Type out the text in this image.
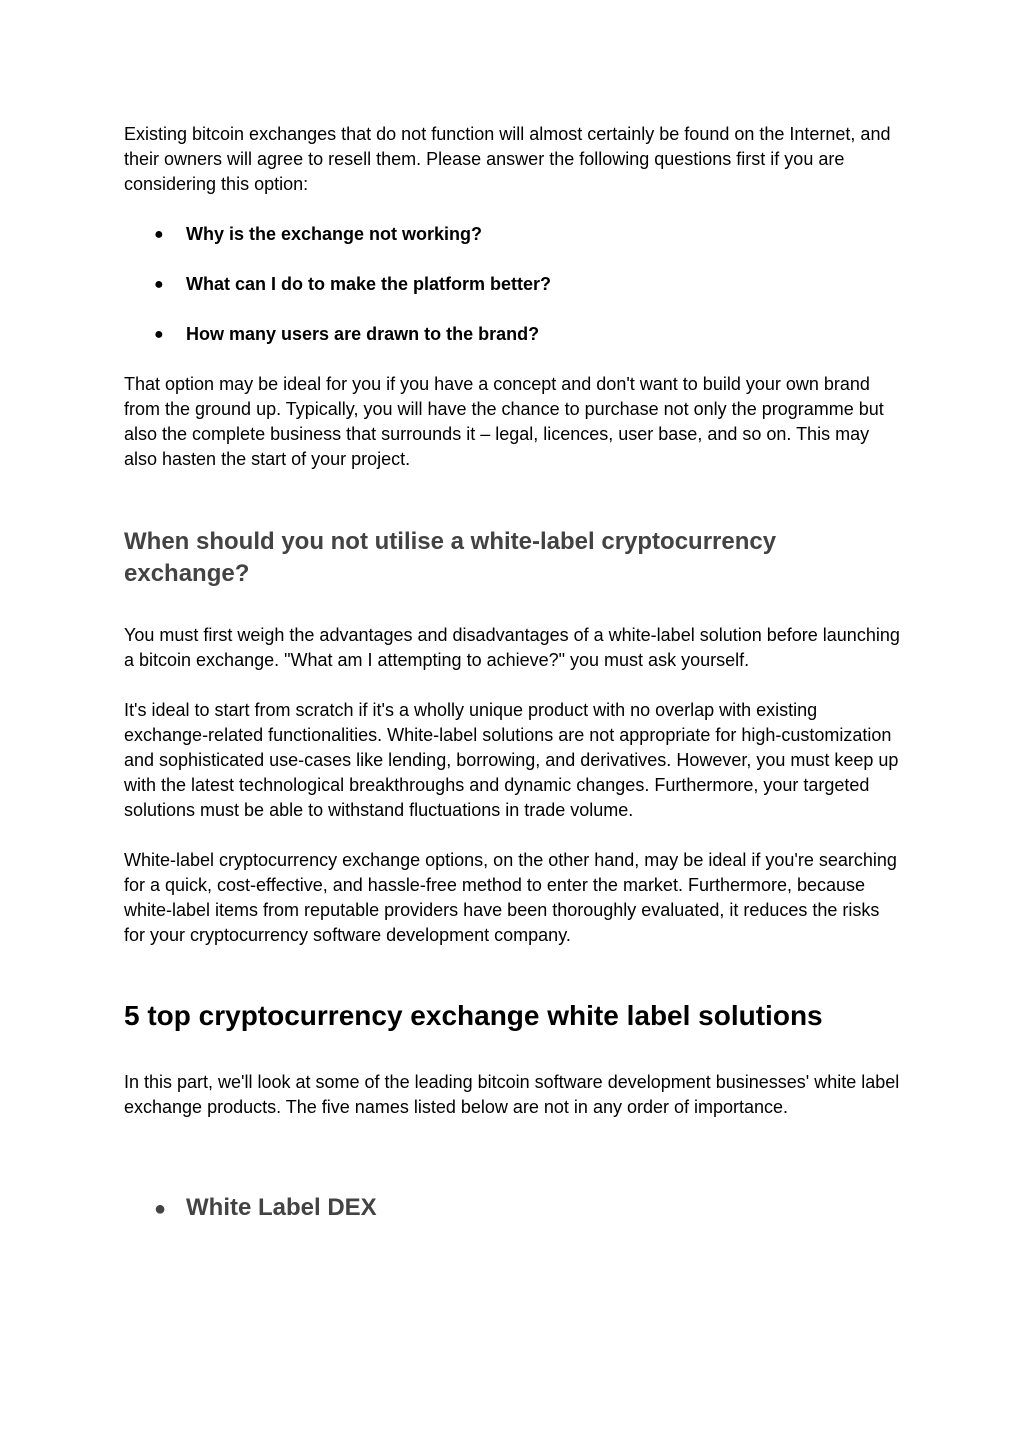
Existing bitcoin exchanges that do not function will almost certainly be found on the Internet, and their owners will agree to resell them. Please answer the following questions first if you are considering this option:

● Why is the exchange not working?
● What can I do to make the platform better?
● How many users are drawn to the brand?

That option may be ideal for you if you have a concept and don't want to build your own brand from the ground up. Typically, you will have the chance to purchase not only the programme but also the complete business that surrounds it – legal, licences, user base, and so on. This may also hasten the start of your project.

When should you not utilise a white-label cryptocurrency exchange?

You must first weigh the advantages and disadvantages of a white-label solution before launching a bitcoin exchange. "What am I attempting to achieve?" you must ask yourself.

It's ideal to start from scratch if it's a wholly unique product with no overlap with existing exchange-related functionalities. White-label solutions are not appropriate for high-customization and sophisticated use-cases like lending, borrowing, and derivatives. However, you must keep up with the latest technological breakthroughs and dynamic changes. Furthermore, your targeted solutions must be able to withstand fluctuations in trade volume.

White-label cryptocurrency exchange options, on the other hand, may be ideal if you're searching for a quick, cost-effective, and hassle-free method to enter the market. Furthermore, because white-label items from reputable providers have been thoroughly evaluated, it reduces the risks for your cryptocurrency software development company.

5 top cryptocurrency exchange white label solutions

In this part, we'll look at some of the leading bitcoin software development businesses' white label exchange products. The five names listed below are not in any order of importance.

● White Label DEX
